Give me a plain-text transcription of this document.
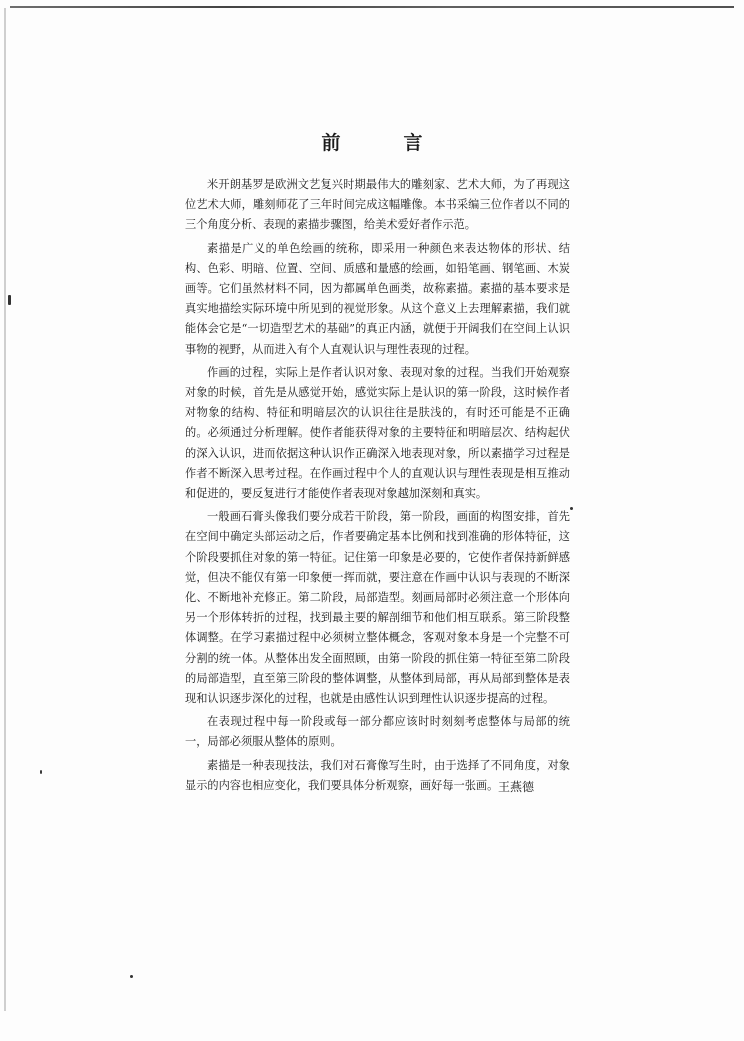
前　言

米开朗基罗是欧洲文艺复兴时期最伟大的雕刻家、艺术大师，为了再现这位艺术大师，雕刻师花了三年时间完成这幅雕像。本书采编三位作者以不同的三个角度分析、表现的素描步骤图，给美术爱好者作示范。

素描是广义的单色绘画的统称，即采用一种颜色来表达物体的形状、结构、色彩、明暗、位置、空间、质感和量感的绘画，如铅笔画、钢笔画、木炭画等。它们虽然材料不同，因为都属单色画类，故称素描。素描的基本要求是真实地描绘实际环境中所见到的视觉形象。从这个意义上去理解素描，我们就能体会它是“一切造型艺术的基础”的真正内涵，就便于开阔我们在空间上认识事物的视野，从而进入有个人直观认识与理性表现的过程。

作画的过程，实际上是作者认识对象、表现对象的过程。当我们开始观察对象的时候，首先是从感觉开始，感觉实际上是认识的第一阶段，这时候作者对物象的结构、特征和明暗层次的认识往往是肤浅的，有时还可能是不正确的。必须通过分析理解。使作者能获得对象的主要特征和明暗层次、结构起伏的深入认识，进而依据这种认识作正确深入地表现对象，所以素描学习过程是作者不断深入思考过程。在作画过程中个人的直观认识与理性表现是相互推动和促进的，要反复进行才能使作者表现对象越加深刻和真实。

一般画石膏头像我们要分成若干阶段，第一阶段，画面的构图安排，首先在空间中确定头部运动之后，作者要确定基本比例和找到准确的形体特征，这个阶段要抓住对象的第一特征。记住第一印象是必要的，它使作者保持新鲜感觉，但决不能仅有第一印象便一挥而就，要注意在作画中认识与表现的不断深化、不断地补充修正。第二阶段，局部造型。刻画局部时必须注意一个形体向另一个形体转折的过程，找到最主要的解剖细节和他们相互联系。第三阶段整体调整。在学习素描过程中必须树立整体概念，客观对象本身是一个完整不可分割的统一体。从整体出发全面照顾，由第一阶段的抓住第一特征至第二阶段的局部造型，直至第三阶段的整体调整，从整体到局部，再从局部到整体是表现和认识逐步深化的过程，也就是由感性认识到理性认识逐步提高的过程。

在表现过程中每一阶段或每一部分都应该时时刻刻考虑整体与局部的统一，局部必须服从整体的原则。

素描是一种表现技法，我们对石膏像写生时，由于选择了不同角度，对象显示的内容也相应变化，我们要具体分析观察，画好每一张画。 王燕德
